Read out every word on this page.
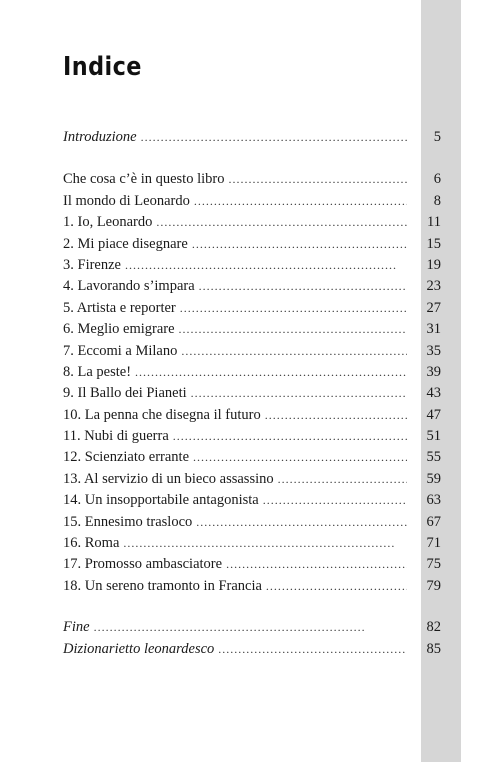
Indice
Introduzione . . .	5
Che cosa c’è in questo libro . . .	6
Il mondo di Leonardo . . .	8
1. Io, Leonardo . . .	11
2. Mi piace disegnare . . .	15
3. Firenze . . .	19
4. Lavorando s’impara . . .	23
5. Artista e reporter . . .	27
6. Meglio emigrare . . .	31
7. Eccomi a Milano . . .	35
8. La peste! . . .	39
9. Il Ballo dei Pianeti . . .	43
10. La penna che disegna il futuro . . .	47
11. Nubi di guerra . . .	51
12. Scienziato errante . . .	55
13. Al servizio di un bieco assassino . . .	59
14. Un insopportabile antagonista . . .	63
15. Ennesimo trasloco . . .	67
16. Roma . . .	71
17. Promosso ambasciatore . . .	75
18. Un sereno tramonto in Francia . . .	79
Fine . . .	82
Dizionarietto leonardesco . . .	85
